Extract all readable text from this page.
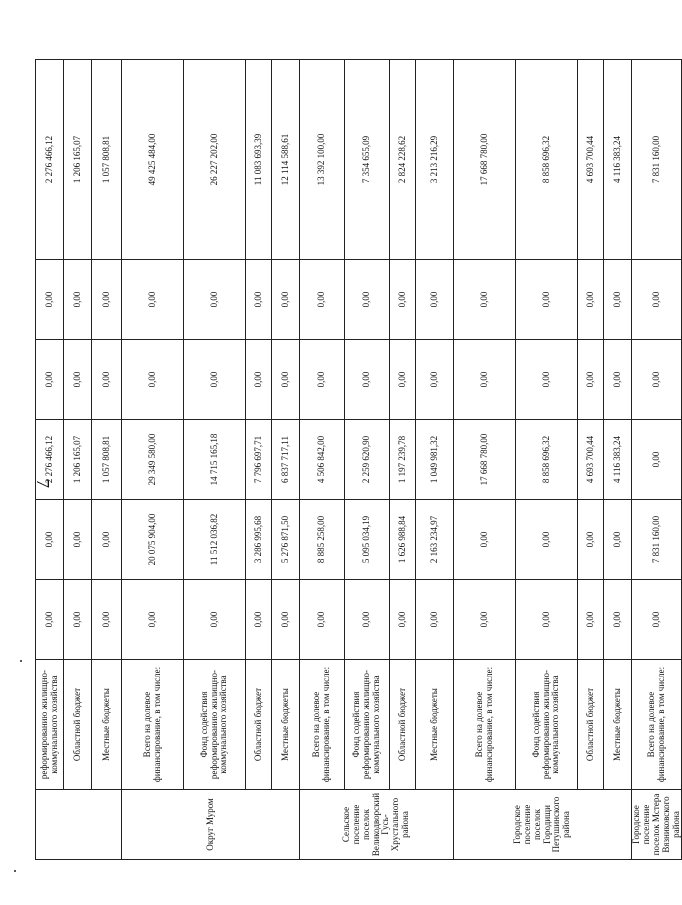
7
	реформированию жилищно-коммунального хозяйства	0,00	0,00	2 276 466,12	0,00	0,00	2 276 466,12
	Областной бюджет	0,00	0,00	1 206 165,07	0,00	0,00	1 206 165,07
	Местные бюджеты	0,00	0,00	1 057 808,81	0,00	0,00	1 057 808,81
Округ Муром	Всего на долевое финансирование, в том числе:	0,00	20 075 904,00	29 349 580,00	0,00	0,00	49 425 484,00
	Фонд содействия реформированию жилищно-коммунального хозяйства	0,00	11 512 036,82	14 715 165,18	0,00	0,00	26 227 202,00
	Областной бюджет	0,00	3 286 995,68	7 796 697,71	0,00	0,00	11 083 693,39
	Местные бюджеты	0,00	5 276 871,50	6 837 717,11	0,00	0,00	12 114 588,61
Сельское поселение поселок Великодворский Гусь-Хрустального района	Всего на долевое финансирование, в том числе:	0,00	8 885 258,00	4 506 842,00	0,00	0,00	13 392 100,00
	Фонд содействия реформированию жилищно-коммунального хозяйства	0,00	5 095 034,19	2 259 620,90	0,00	0,00	7 354 655,09
	Областной бюджет	0,00	1 626 988,84	1 197 239,78	0,00	0,00	2 824 228,62
	Местные бюджеты	0,00	2 163 234,97	1 049 981,32	0,00	0,00	3 213 216,29
Городское поселение поселок Городищи Петушинского района	Всего на долевое финансирование, в том числе:	0,00	0,00	17 668 780,00	0,00	0,00	17 668 780,00
	Фонд содействия реформированию жилищно-коммунального хозяйства	0,00	0,00	8 858 696,32	0,00	0,00	8 858 696,32
	Областной бюджет	0,00	0,00	4 693 700,44	0,00	0,00	4 693 700,44
	Местные бюджеты	0,00	0,00	4 116 383,24	0,00	0,00	4 116 383,24
Городское поселение поселок Мстера Вязниковского района	Всего на долевое финансирование, в том числе:	0,00	7 831 160,00	0,00	0,00	0,00	7 831 160,00
